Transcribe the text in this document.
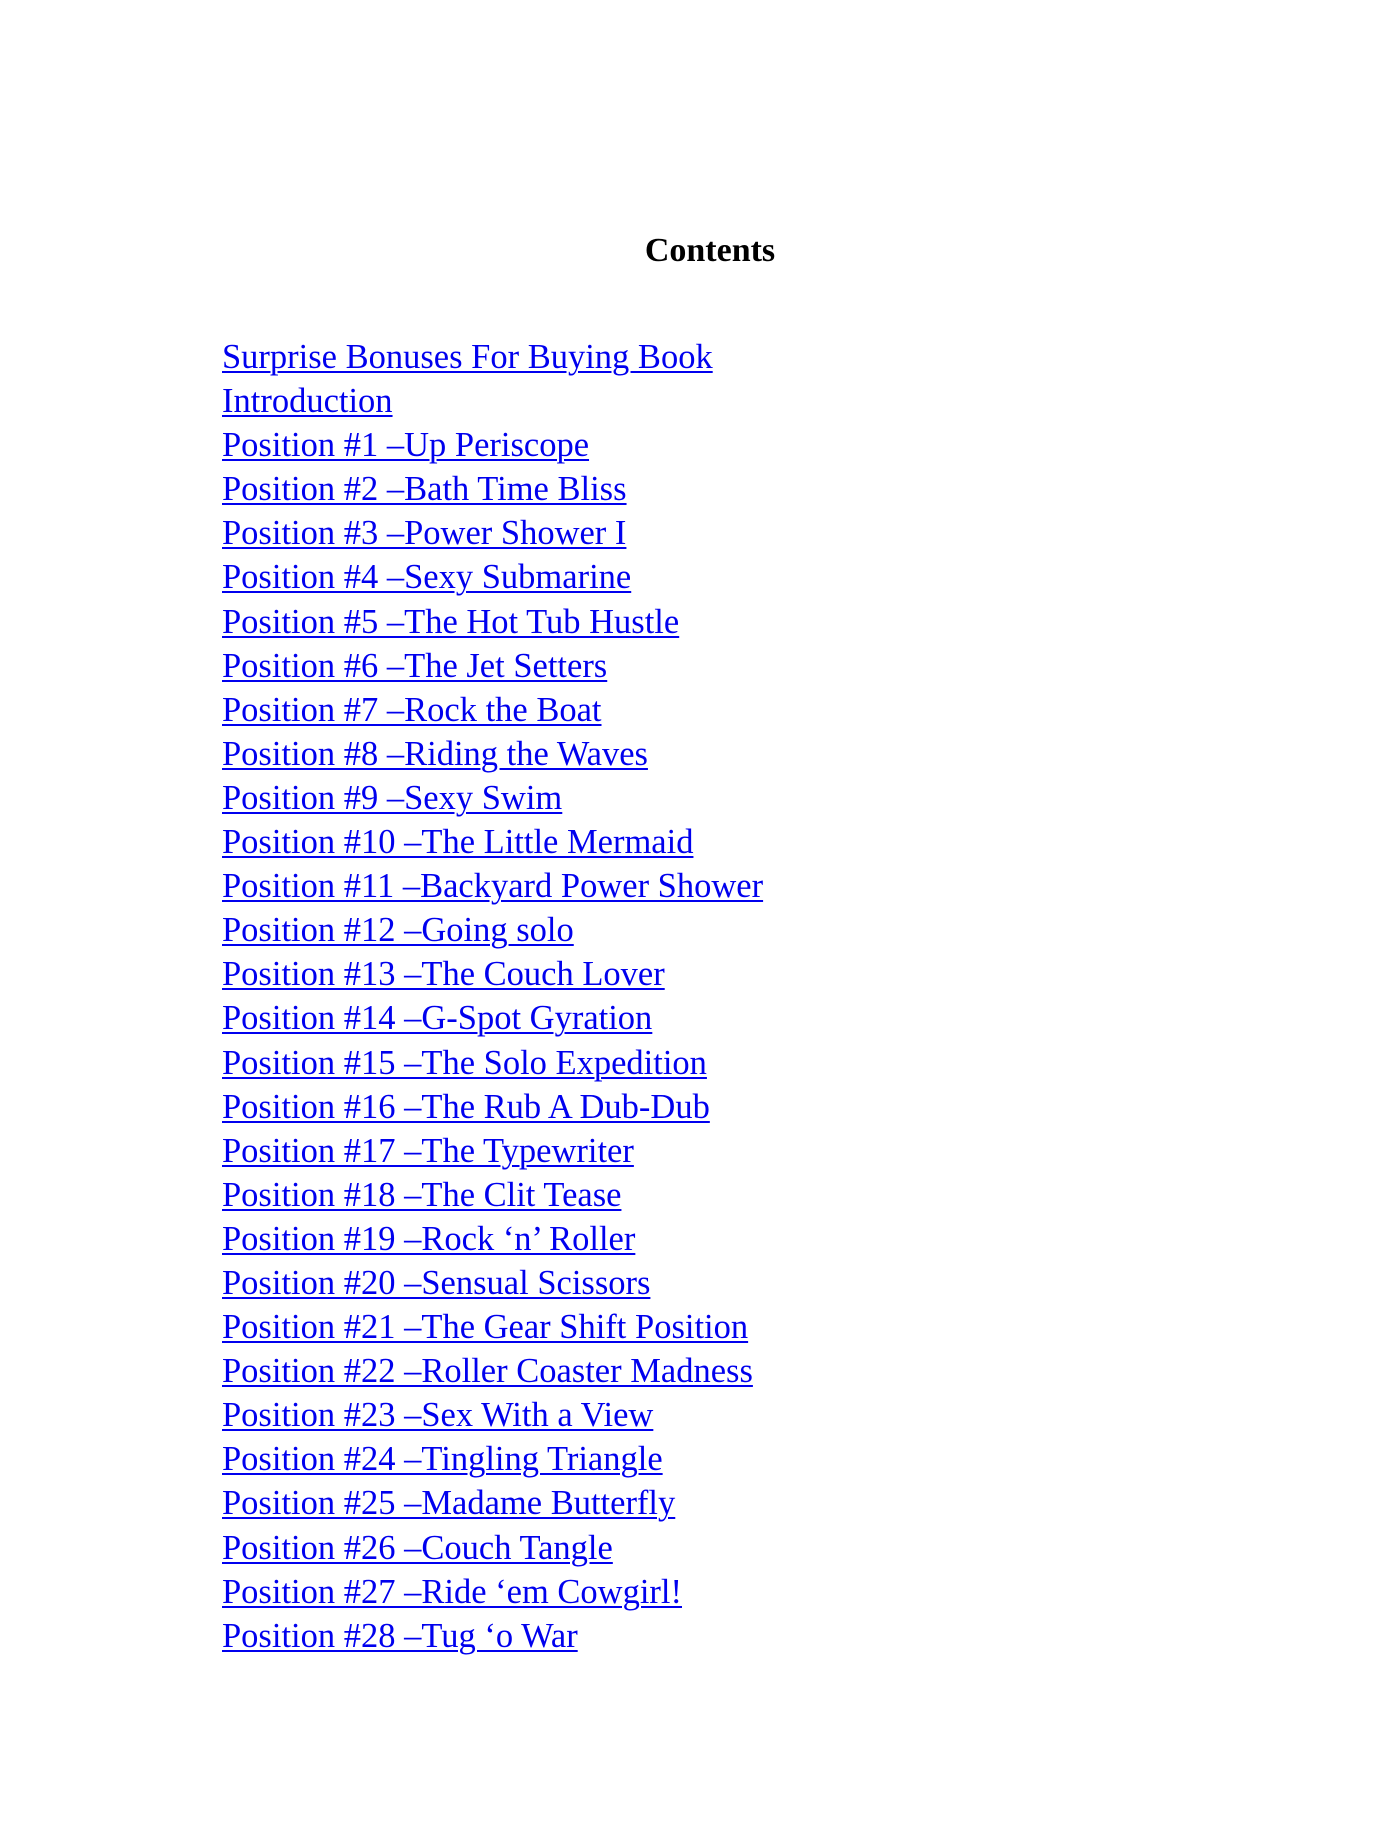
Contents
Surprise Bonuses For Buying Book
Introduction
Position #1 –Up Periscope
Position #2 –Bath Time Bliss
Position #3 –Power Shower I
Position #4 –Sexy Submarine
Position #5 –The Hot Tub Hustle
Position #6 –The Jet Setters
Position #7 –Rock the Boat
Position #8 –Riding the Waves
Position #9 –Sexy Swim
Position #10 –The Little Mermaid
Position #11 –Backyard Power Shower
Position #12 –Going solo
Position #13 –The Couch Lover
Position #14 –G-Spot Gyration
Position #15 –The Solo Expedition
Position #16 –The Rub A Dub-Dub
Position #17 –The Typewriter
Position #18 –The Clit Tease
Position #19 –Rock ‘n’ Roller
Position #20 –Sensual Scissors
Position #21 –The Gear Shift Position
Position #22 –Roller Coaster Madness
Position #23 –Sex With a View
Position #24 –Tingling Triangle
Position #25 –Madame Butterfly
Position #26 –Couch Tangle
Position #27 –Ride ‘em Cowgirl!
Position #28 –Tug ‘o War
